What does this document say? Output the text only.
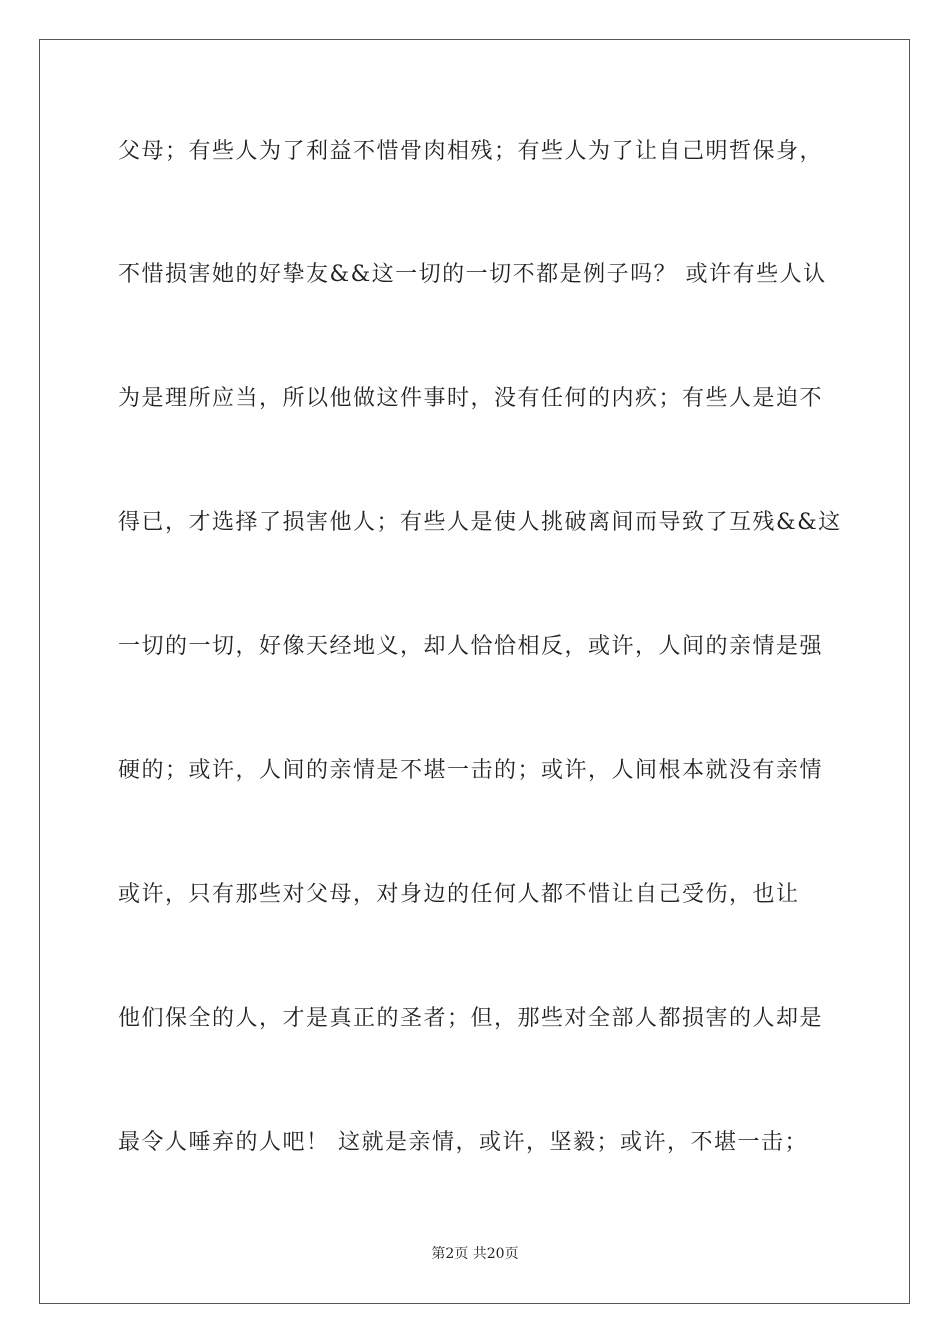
父母；有些人为了利益不惜骨肉相残；有些人为了让自己明哲保身，
不惜损害她的好挚友&&这一切的一切不都是例子吗？ 或许有些人认
为是理所应当，所以他做这件事时，没有任何的内疚；有些人是迫不
得已，才选择了损害他人；有些人是使人挑破离间而导致了互残&&这
一切的一切，好像天经地义，却人恰恰相反，或许，人间的亲情是强
硬的；或许，人间的亲情是不堪一击的；或许，人间根本就没有亲情
或许，只有那些对父母，对身边的任何人都不惜让自己受伤，也让
他们保全的人，才是真正的圣者；但，那些对全部人都损害的人却是
最令人唾弃的人吧！ 这就是亲情，或许，坚毅；或许，不堪一击；
第2页 共20页
